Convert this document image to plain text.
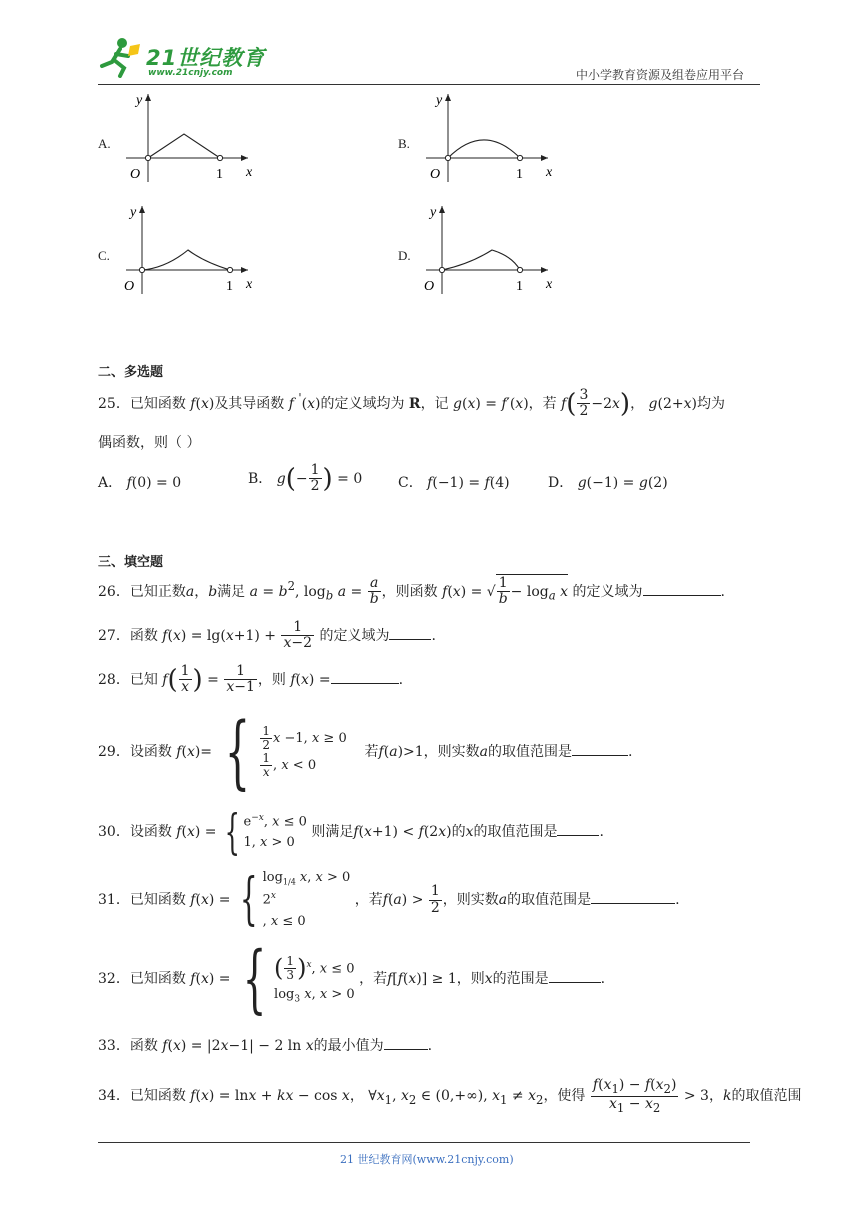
21世纪教育
www.21cnjy.com	中小学教育资源及组卷应用平台
A.
y
x
O	1
B.
y
x
O	1
C.
y
x
O	1
D.
y
x
O	1
二、多选题
25．已知函数 f(x)及其导函数 f '(x)的定义域均为 R，记 g(x) = f′(x)，若 $f( \frac{3}{2} -2x)$， g(2+x)均为
偶函数，则（ ）
A． f(0) = 0	B． $g(- \frac{1}{2}$ ) = 0	C． f(−1) = f(4)	D． g(−1) = g(2)
三、填空题
26．已知正数a，b满足 $a = b^2$, $\log_b a = \frac{a}{b}$ ，则函数 f(x) = √ $\frac{1}{b} - \log_a x$ 的定义域为	.
27．函数 $f(x) = \lg(x+1) + \frac{1}{x-2}$ 的定义域为	.
28．已知 $f( \frac{1}{x}$ ) = $\frac{1}{x-1}$ ，则 f(x) =	.
29．设函数 f(x)= { $\frac{1}{2}$ x −1, x ≥ 0
$\frac{1}{x}$ , x < 0
若f(a)>1，则实数a的取值范围是	.
30．设函数 f(x) = { $e^{-x}$, x ≤ 0
1, x > 0
则满足f(x+1) < f(2x)的x的取值范围是	.
31．已知函数 f(x) = { $\log_{1/4} x$, x > 0
2$^x$
, x ≤ 0 ，若$f(a) > \frac{1}{2}$ ，则实数a的取值范围是	.
32．已知函数 f(x) = { ( $\frac{1}{3} )^x$, x ≤ 0
$\log_3 x$, x > 0
，若f[f(x)] ≥ 1，则x的范围是	.
33．函数 f(x) = |2x−1| − 2 ln x的最小值为	.
34．已知函数 f(x) = lnx + kx − cos x， $\forall x_1$, $x_2$ ∈ (0,+∞), $x_1 \ne x_2$，使得 $\frac{f(x_1) - f(x_2)}{x_1 - x_2} > 3$，k的取值范围
21 世纪教育网(www.21cnjy.com)
